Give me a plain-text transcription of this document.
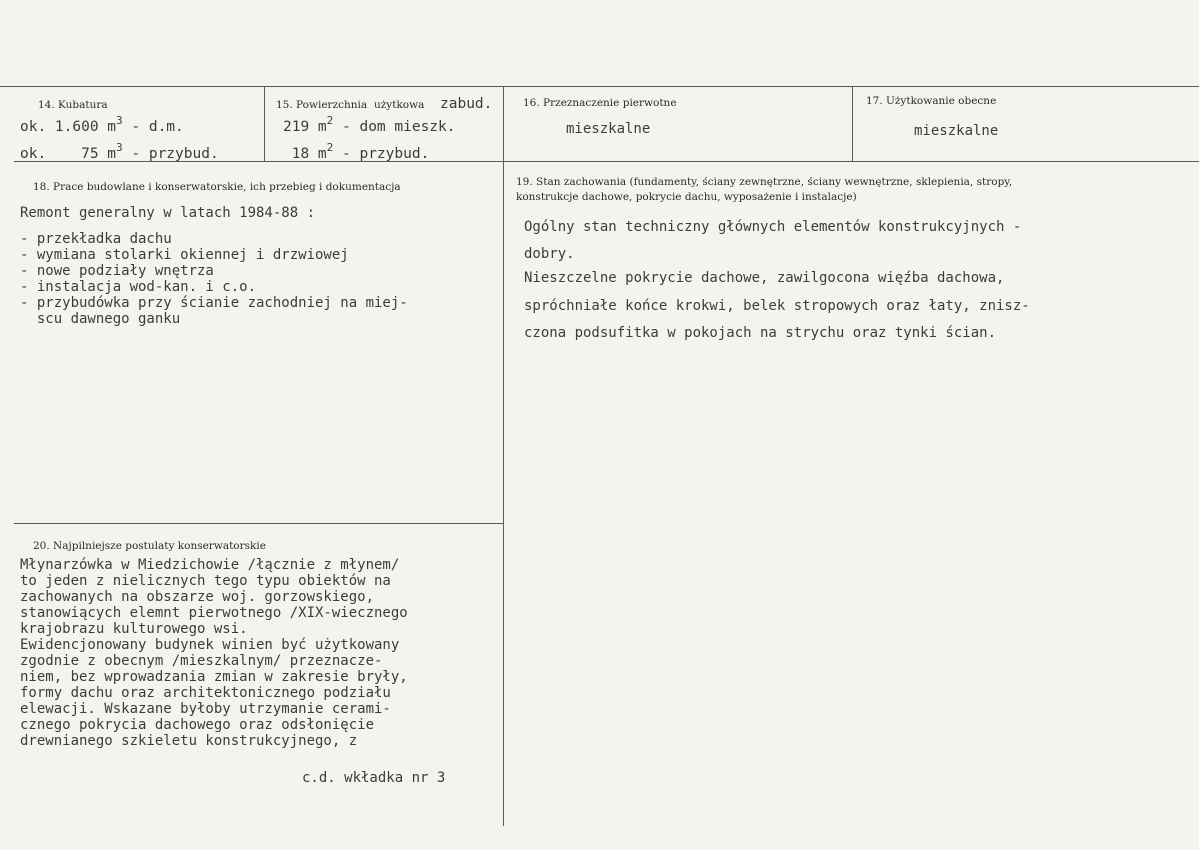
14. Kubatura

ok. 1.600 $m^3 - d.m$.

ok.    75 $m^3$ - przybud.

15. Powierzchnia użytkowa zabud.

219 $m^2$ - dom mieszk.

18 $m^2$ - przybud.

16. Przeznaczenie pierwotne

mieszkalne

17. Użytkowanie obecne

mieszkalne

18. Prace budowlane i konserwatorskie, ich przebieg i dokumentacja

Remont generalny w latach 1984-88 :

- przekładka dachu
- wymiana stolarki okiennej i drzwiowej
- nowe podziały wnętrza
- instalacja wod-kan. i c.o.
- przybudówka przy ścianie zachodniej na miej-
scu dawnego ganku

19. Stan zachowania (fundamenty, ściany zewnętrzne, ściany wewnętrzne, sklepienia, stropy,

konstrukcje dachowe, pokrycie dachu, wyposażenie i instalacje)

Ogólny stan techniczny głównych elementów konstrukcyjnych -

dobry.

Nieszczelne pokrycie dachowe, zawilgocona więźba dachowa,

spróchniałe końce krokwi, belek stropowych oraz łaty, znisz-

czona podsufitka w pokojach na strychu oraz tynki ścian.

20. Najpilniejsze postulaty konserwatorskie

Młynarzówka w Miedzichowie /łącznie z młynem/
to jeden z nielicznych tego typu obiektów na
zachowanych na obszarze woj. gorzowskiego,
stanowiących elemnt pierwotnego /XIX-wiecznego
krajobrazu kulturowego wsi.
Ewidencjonowany budynek winien być użytkowany
zgodnie z obecnym /mieszkalnym/ przeznacze-
niem, bez wprowadzania zmian w zakresie bryły,
formy dachu oraz architektonicznego podziału
elewacji. Wskazane byłoby utrzymanie cerami-
cznego pokrycia dachowego oraz odsłonięcie
drewnianego szkieletu konstrukcyjnego, z

c.d. wkładka nr 3
